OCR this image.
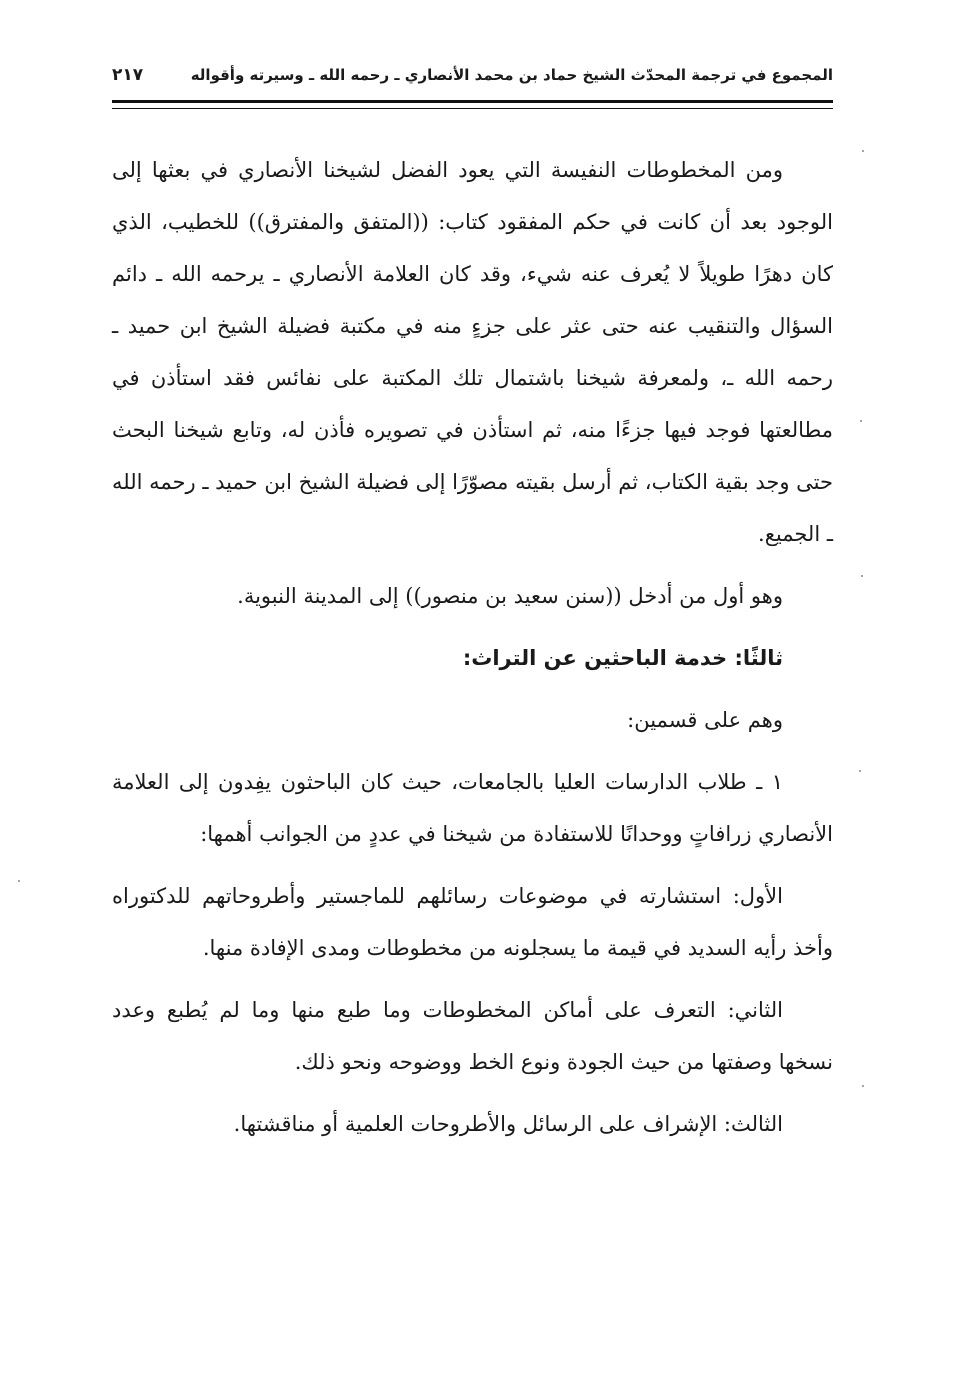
المجموع في ترجمة المحدّث الشيخ حماد بن محمد الأنصاري ـ رحمه الله ـ وسيرته وأقواله
٢١٧

ومن المخطوطات النفيسة التي يعود الفضل لشيخنا الأنصاري في بعثها إلى الوجود بعد أن كانت في حكم المفقود كتاب: ((المتفق والمفترق)) للخطيب، الذي كان دهرًا طويلاً لا يُعرف عنه شيء، وقد كان العلامة الأنصاري ـ يرحمه الله ـ دائم السؤال والتنقيب عنه حتى عثر على جزءٍ منه في مكتبة فضيلة الشيخ ابن حميد ـ رحمه الله ـ، ولمعرفة شيخنا باشتمال تلك المكتبة على نفائس فقد استأذن في مطالعتها فوجد فيها جزءًا منه، ثم استأذن في تصويره فأذن له، وتابع شيخنا البحث حتى وجد بقية الكتاب، ثم أرسل بقيته مصوّرًا إلى فضيلة الشيخ ابن حميد ـ رحمه الله ـ الجميع.

وهو أول من أدخل ((سنن سعيد بن منصور)) إلى المدينة النبوية.

ثالثًا: خدمة الباحثين عن التراث:

وهم على قسمين:

١ ـ طلاب الدارسات العليا بالجامعات، حيث كان الباحثون يفِدون إلى العلامة الأنصاري زرافاتٍ ووحدانًا للاستفادة من شيخنا في عددٍ من الجوانب أهمها:

الأول: استشارته في موضوعات رسائلهم للماجستير وأطروحاتهم للدكتوراه وأخذ رأيه السديد في قيمة ما يسجلونه من مخطوطات ومدى الإفادة منها.

الثاني: التعرف على أماكن المخطوطات وما طبع منها وما لم يُطبع وعدد نسخها وصفتها من حيث الجودة ونوع الخط ووضوحه ونحو ذلك.

الثالث: الإشراف على الرسائل والأطروحات العلمية أو مناقشتها.
